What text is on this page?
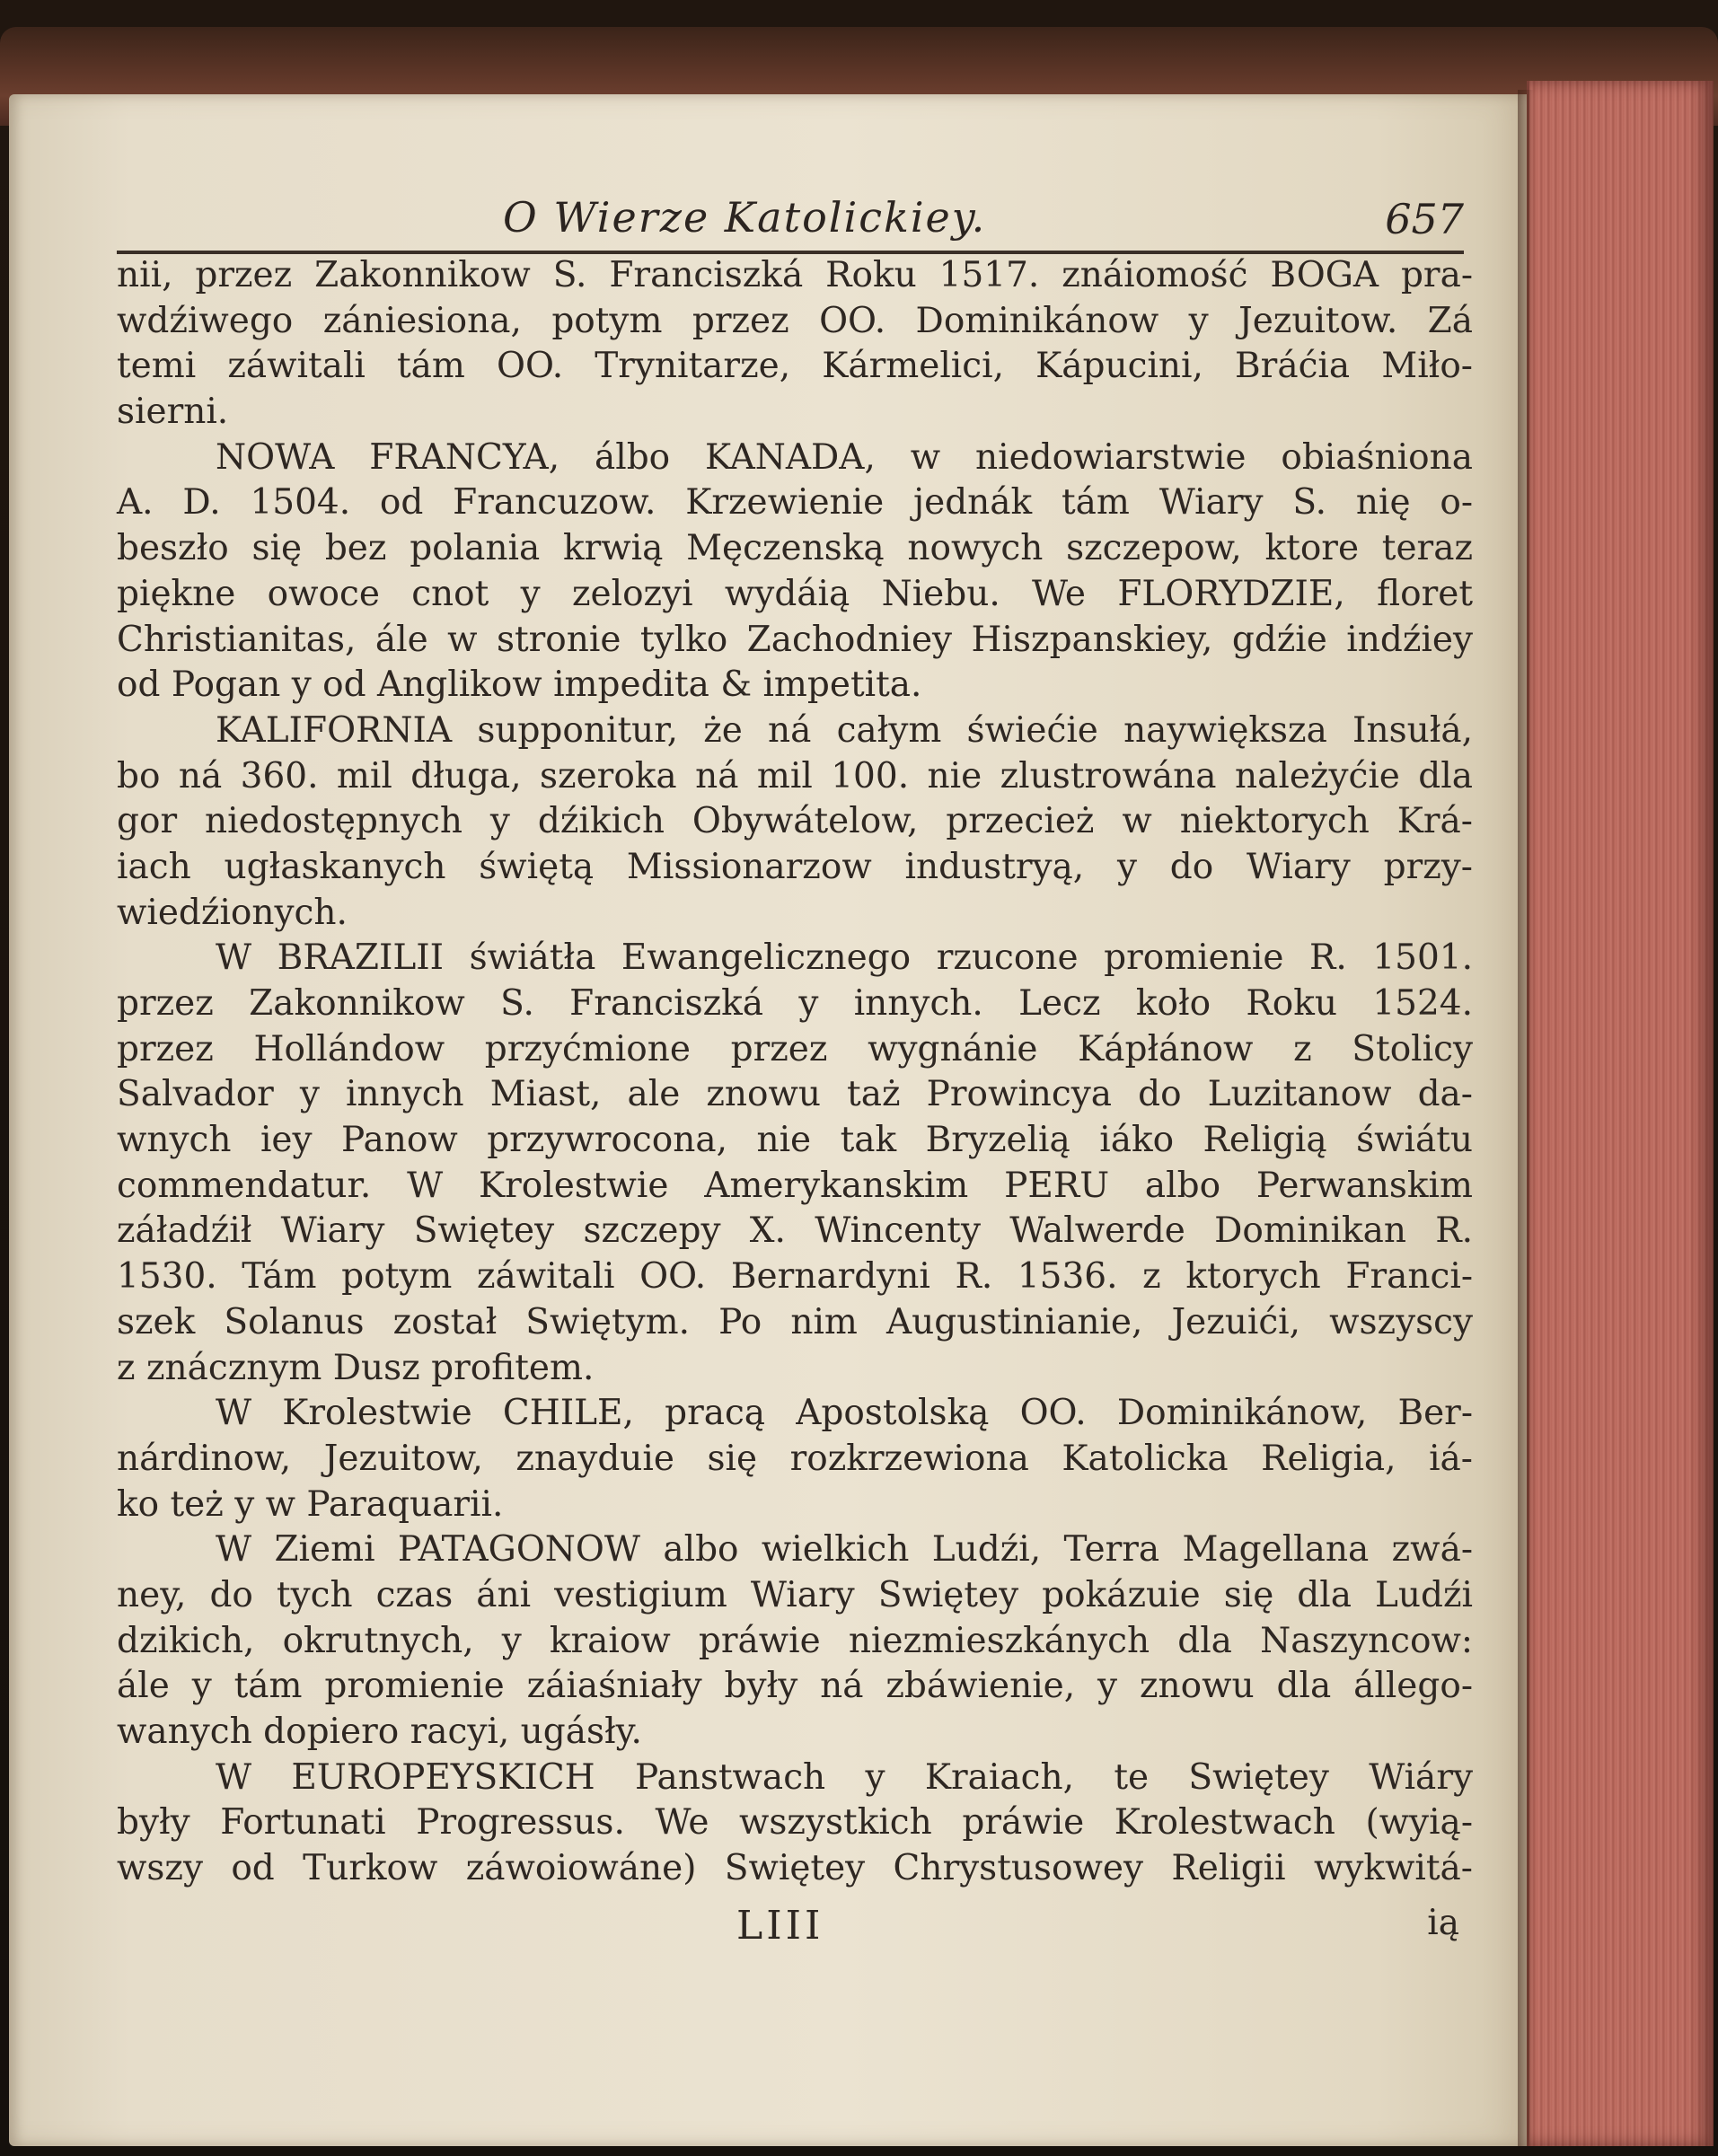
O Wierze Katolickiey.	657
nii, przez Zakonnikow S. Franciszká Roku 1517. znáiomość BOGA pra-
wdźiwego zániesiona, potym przez OO. Dominikánow y Jezuitow. Zá
temi záwitali tám OO. Trynitarze, Kármelici, Kápucini, Bráćia Miło-
sierni.
NOWA FRANCYA, álbo KANADA, w niedowiarstwie obiaśniona
A. D. 1504. od Francuzow. Krzewienie jednák tám Wiary S. nię o-
beszło się bez polania krwią Męczenską nowych szczepow, ktore teraz
piękne owoce cnot y zelozyi wydáią Niebu. We FLORYDZIE, floret
Christianitas, ále w stronie tylko Zachodniey Hiszpanskiey, gdźie indźiey
od Pogan y od Anglikow impedita & impetita.
KALIFORNIA supponitur, że ná całym świećie naywiększa Insułá,
bo ná 360. mil długa, szeroka ná mil 100. nie zlustrowána należyćie dla
gor niedostępnych y dźikich Obywátelow, przecież w niektorych Krá-
iach ugłaskanych świętą Missionarzow industryą, y do Wiary przy-
wiedźionych.
W BRAZILII świátła Ewangelicznego rzucone promienie R. 1501.
przez Zakonnikow S. Franciszká y innych. Lecz koło Roku 1524.
przez Hollándow przyćmione przez wygnánie Kápłánow z Stolicy
Salvador y innych Miast, ale znowu taż Prowincya do Luzitanow da-
wnych iey Panow przywrocona, nie tak Bryzelią iáko Religią świátu
commendatur. W Krolestwie Amerykanskim PERU albo Perwanskim
záładźił Wiary Swiętey szczepy X. Wincenty Walwerde Dominikan R.
1530. Tám potym záwitali OO. Bernardyni R. 1536. z ktorych Franci-
szek Solanus został Swiętym. Po nim Augustinianie, Jezuići, wszyscy
z znácznym Dusz profitem.
W Krolestwie CHILE, pracą Apostolską OO. Dominikánow, Ber-
nárdinow, Jezuitow, znayduie się rozkrzewiona Katolicka Religia, iá-
ko też y w Paraquarii.
W Ziemi PATAGONOW albo wielkich Ludźi, Terra Magellana zwá-
ney, do tych czas áni vestigium Wiary Swiętey pokázuie się dla Ludźi
dzikich, okrutnych, y kraiow práwie niezmieszkánych dla Naszyncow:
ále y tám promienie záiaśniały były ná zbáwienie, y znowu dla állego-
wanych dopiero racyi, ugásły.
W EUROPEYSKICH Panstwach y Kraiach, te Swiętey Wiáry
były Fortunati Progressus. We wszystkich práwie Krolestwach (wyią-
wszy od Turkow záwoiowáne) Swiętey Chrystusowey Religii wykwitá-
LIII	ią
